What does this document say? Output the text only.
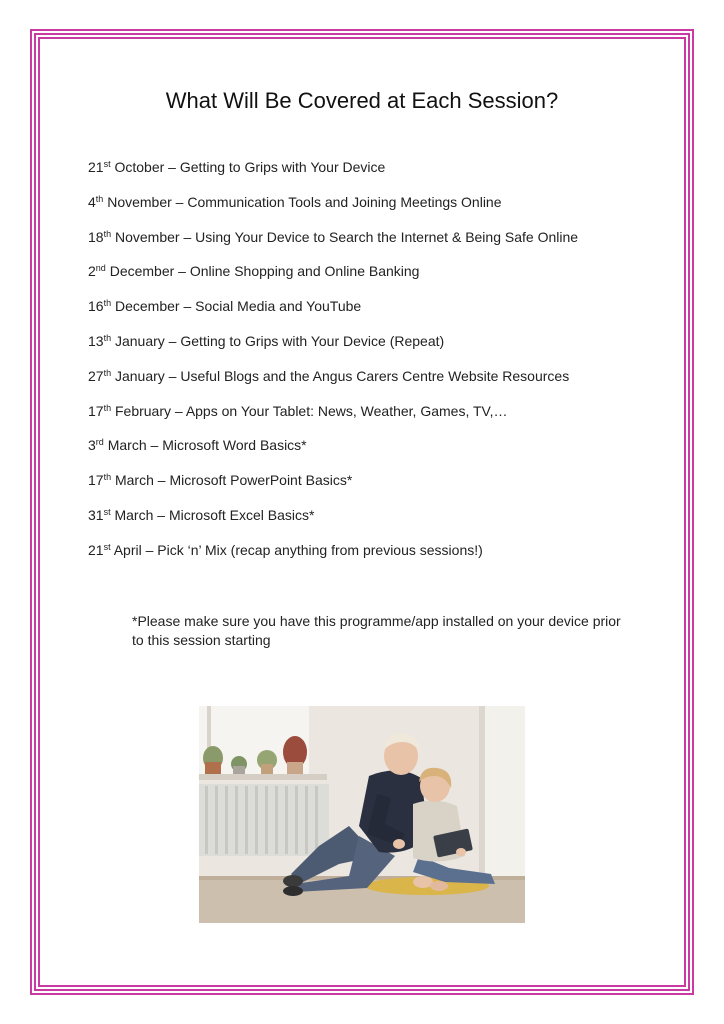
What Will Be Covered at Each Session?
21st October – Getting to Grips with Your Device
4th November – Communication Tools and Joining Meetings Online
18th November – Using Your Device to Search the Internet & Being Safe Online
2nd December – Online Shopping and Online Banking
16th December – Social Media and YouTube
13th January – Getting to Grips with Your Device (Repeat)
27th January – Useful Blogs and the Angus Carers Centre Website Resources
17th February – Apps on Your Tablet: News, Weather, Games, TV,…
3rd March – Microsoft Word Basics*
17th March – Microsoft PowerPoint Basics*
31st March – Microsoft Excel Basics*
21st April – Pick ‘n’ Mix (recap anything from previous sessions!)

*Please make sure you have this programme/app installed on your device prior to this session starting
